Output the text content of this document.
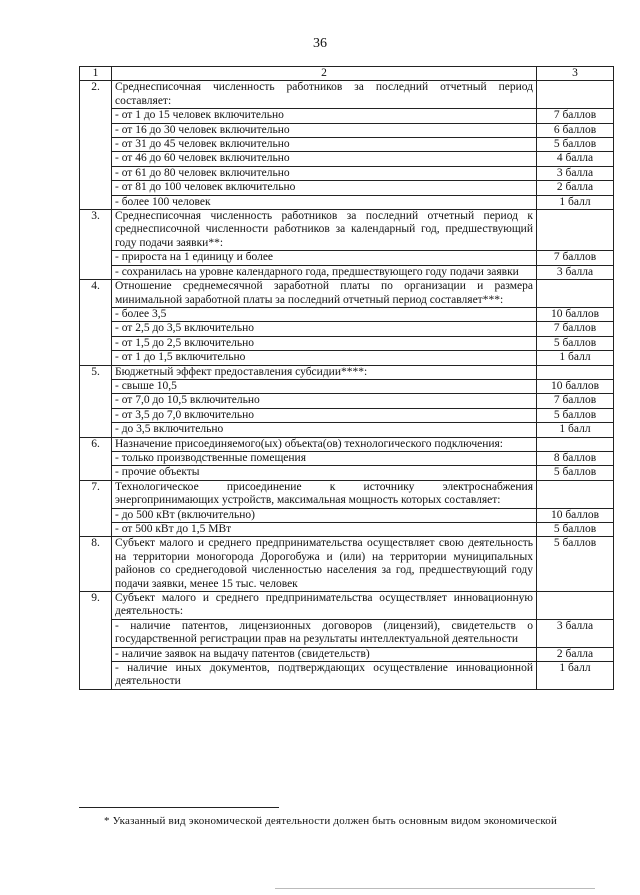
36
1	2	3
2.	Среднесписочная численность работников за последний отчетный период составляет:	
	- от 1 до 15 человек включительно	7 баллов
	- от 16 до 30 человек включительно	6 баллов
	- от 31 до 45 человек включительно	5 баллов
	- от 46 до 60 человек включительно	4 балла
	- от 61 до 80 человек включительно	3 балла
	- от 81 до 100 человек включительно	2 балла
	- более 100 человек	1 балл
3.	Среднесписочная численность работников за последний отчетный период к среднесписочной численности работников за календарный год, предшествующий году подачи заявки**:	
	- прироста на 1 единицу и более	7 баллов
	- сохранилась на уровне календарного года, предшествующего году подачи заявки	3 балла
4.	Отношение среднемесячной заработной платы по организации и размера минимальной заработной платы за последний отчетный период составляет***:	
	- более 3,5	10 баллов
	- от 2,5 до 3,5 включительно	7 баллов
	- от 1,5 до 2,5 включительно	5 баллов
	- от 1 до 1,5 включительно	1 балл
5.	Бюджетный эффект предоставления субсидии****:	
	- свыше 10,5	10 баллов
	- от 7,0 до 10,5 включительно	7 баллов
	- от 3,5 до 7,0 включительно	5 баллов
	- до 3,5 включительно	1 балл
6.	Назначение присоединяемого(ых) объекта(ов) технологического подключения:	
	- только производственные помещения	8 баллов
	- прочие объекты	5 баллов
7.	Технологическое присоединение к источнику электроснабжения энергопринимающих устройств, максимальная мощность которых составляет:	
	- до 500 кВт (включительно)	10 баллов
	- от 500 кВт до 1,5 МВт	5 баллов
8.	Субъект малого и среднего предпринимательства осуществляет свою деятельность на территории моногорода Дорогобужа и (или) на территории муниципальных районов со среднегодовой численностью населения за год, предшествующий году подачи заявки, менее 15 тыс. человек	5 баллов
9.	Субъект малого и среднего предпринимательства осуществляет инновационную деятельность:	
	- наличие патентов, лицензионных договоров (лицензий), свидетельств о государственной регистрации прав на результаты интеллектуальной деятельности	3 балла
	- наличие заявок на выдачу патентов (свидетельств)	2 балла
	- наличие иных документов, подтверждающих осуществление инновационной деятельности	1 балл
* Указанный вид экономической деятельности должен быть основным видом экономической
